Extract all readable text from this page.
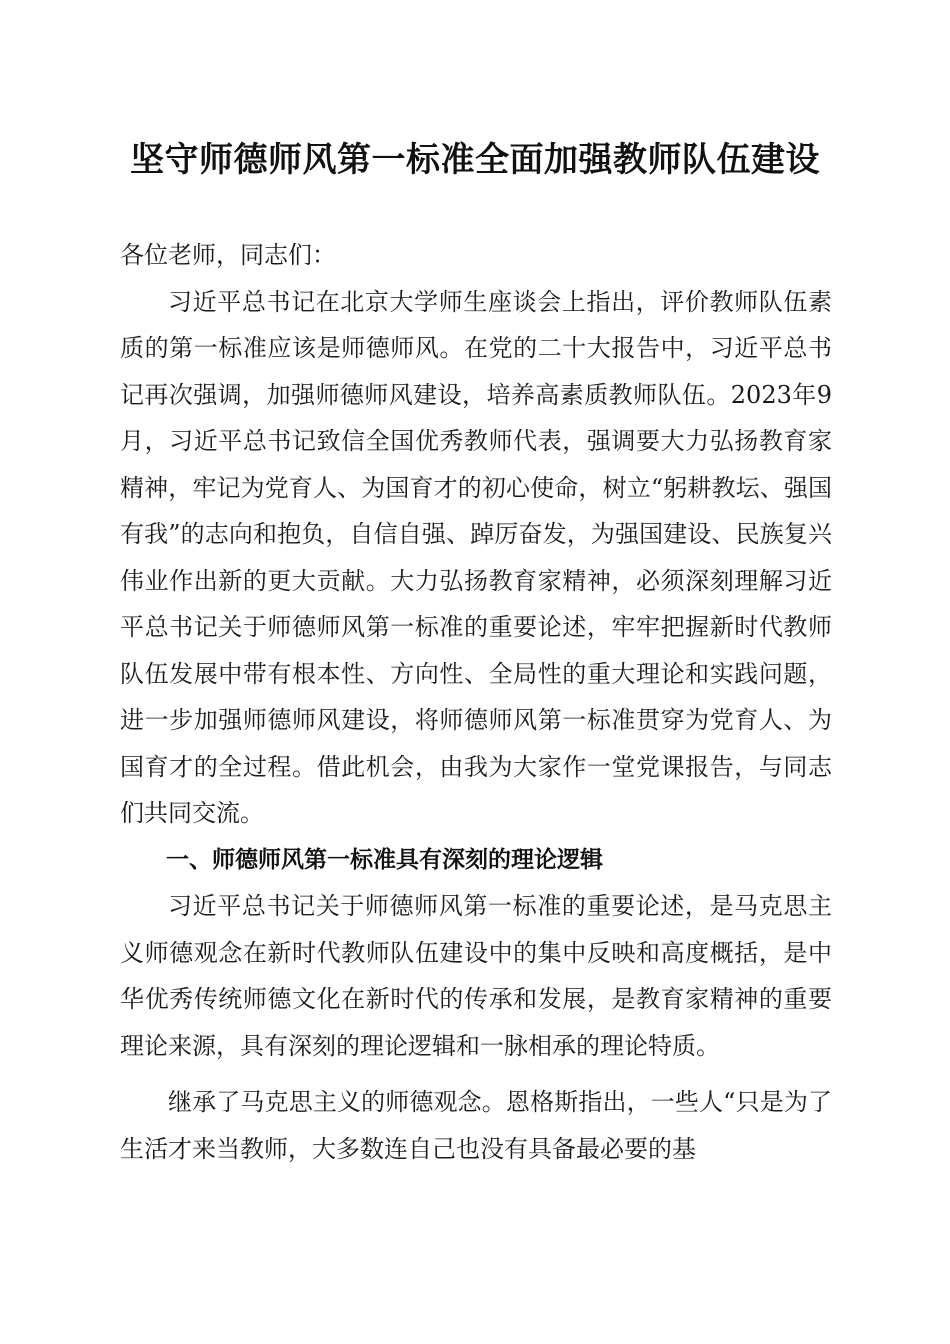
坚守师德师风第一标准全面加强教师队伍建设

各位老师，同志们：

习近平总书记在北京大学师生座谈会上指出，评价教师队伍素质的第一标准应该是师德师风。在党的二十大报告中，习近平总书记再次强调，加强师德师风建设，培养高素质教师队伍。2023年9月，习近平总书记致信全国优秀教师代表，强调要大力弘扬教育家精神，牢记为党育人、为国育才的初心使命，树立“躬耕教坛、强国有我”的志向和抱负，自信自强、踔厉奋发，为强国建设、民族复兴伟业作出新的更大贡献。大力弘扬教育家精神，必须深刻理解习近平总书记关于师德师风第一标准的重要论述，牢牢把握新时代教师队伍发展中带有根本性、方向性、全局性的重大理论和实践问题，进一步加强师德师风建设，将师德师风第一标准贯穿为党育人、为国育才的全过程。借此机会，由我为大家作一堂党课报告，与同志们共同交流。

一、师德师风第一标准具有深刻的理论逻辑

习近平总书记关于师德师风第一标准的重要论述，是马克思主义师德观念在新时代教师队伍建设中的集中反映和高度概括，是中华优秀传统师德文化在新时代的传承和发展，是教育家精神的重要理论来源，具有深刻的理论逻辑和一脉相承的理论特质。

继承了马克思主义的师德观念。恩格斯指出，一些人“只是为了生活才来当教师，大多数连自己也没有具备最必要的基
